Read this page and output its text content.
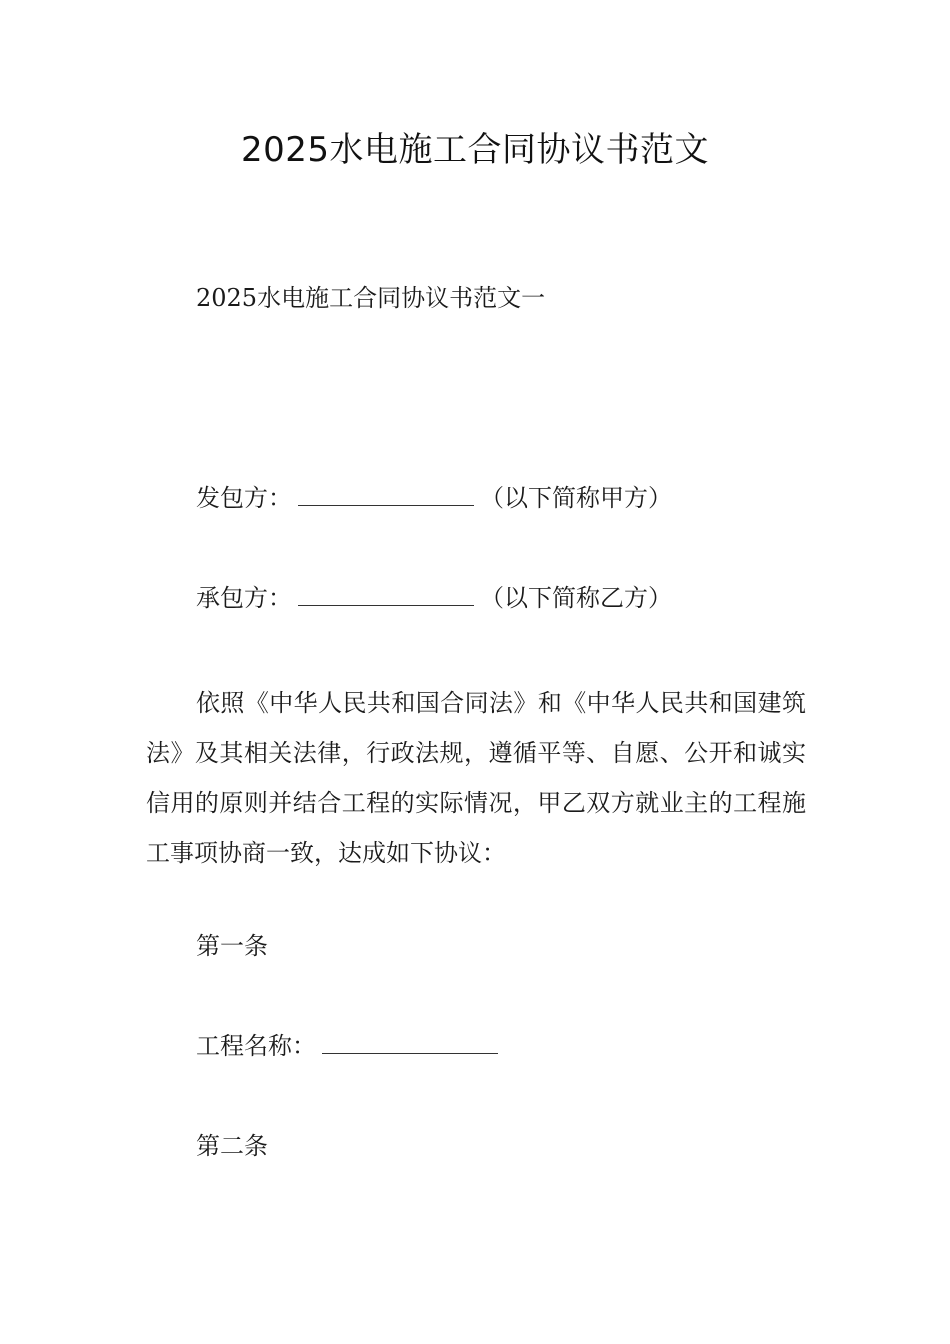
2025水电施工合同协议书范文

2025水电施工合同协议书范文一

发包方：	（以下简称甲方）

承包方：	（以下简称乙方）

依照《中华人民共和国合同法》和《中华人民共和国建筑法》及其相关法律，行政法规，遵循平等、自愿、公开和诚实信用的原则并结合工程的实际情况，甲乙双方就业主的工程施工事项协商一致，达成如下协议：

第一条

工程名称：

第二条
